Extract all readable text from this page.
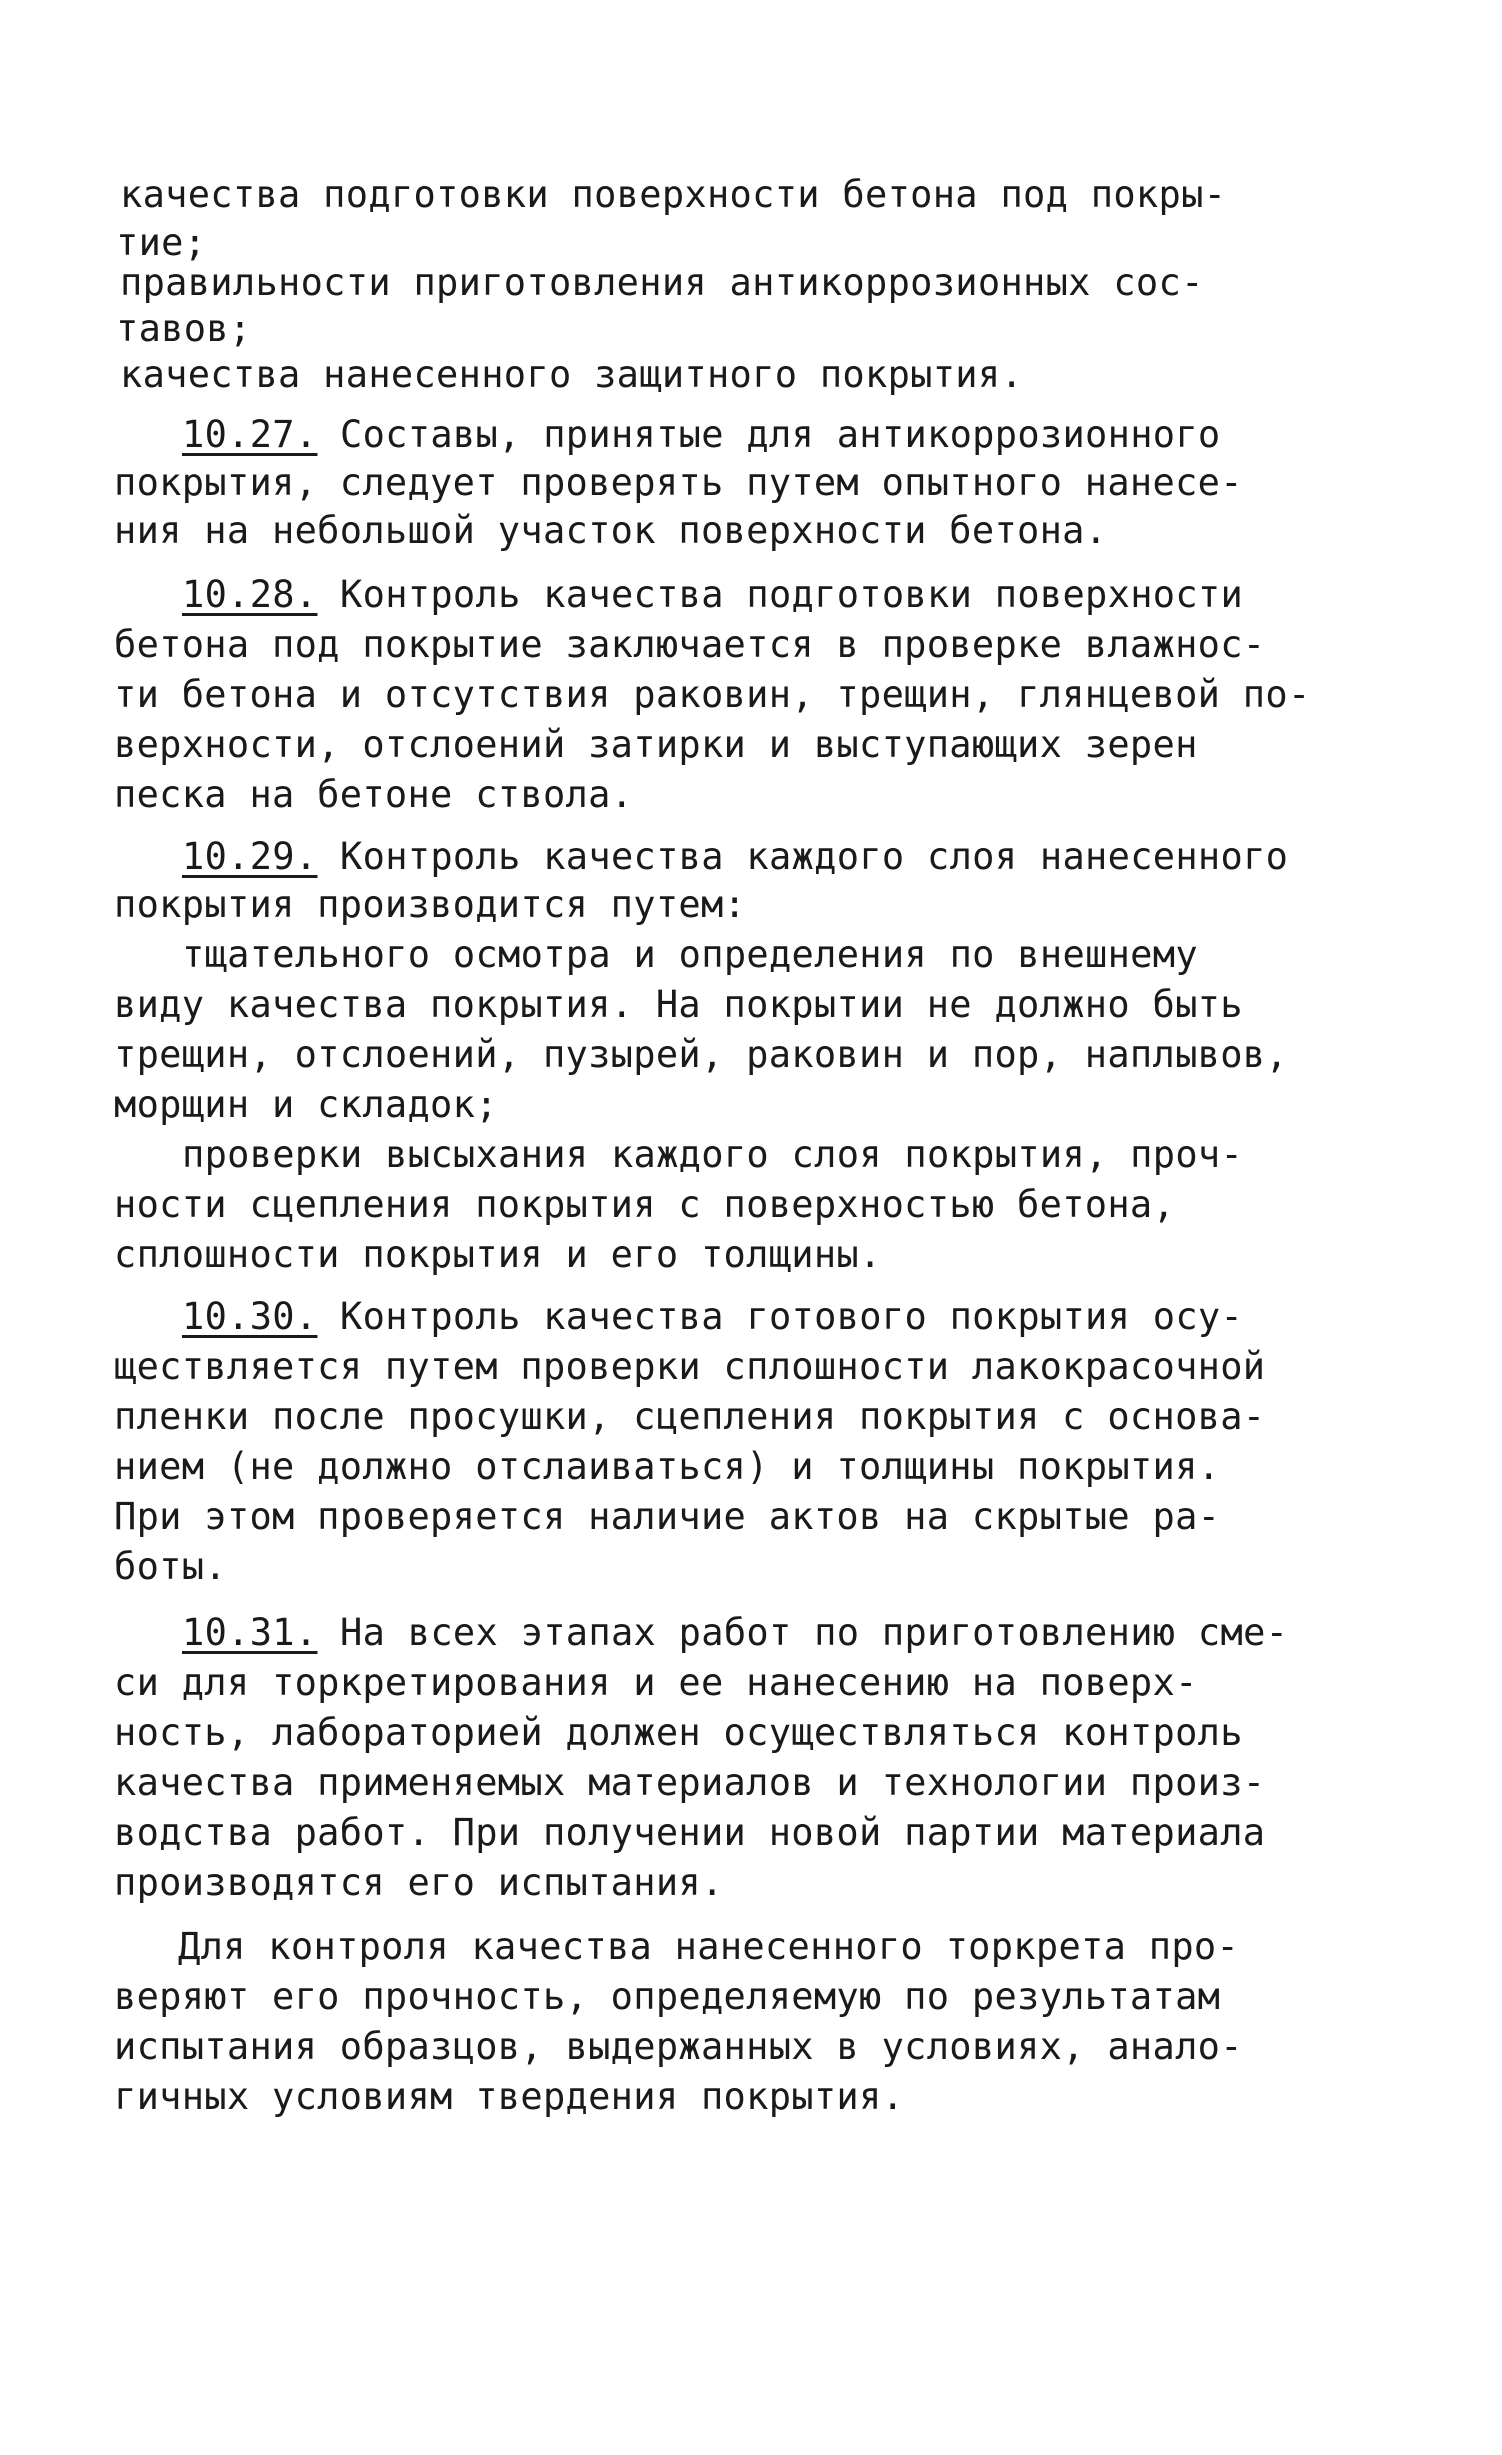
качества подготовки поверхности бетона под покры-
тие;
правильности приготовления антикоррозионных сос-
тавов;
качества нанесенного защитного покрытия.
10.27. Составы, принятые для антикоррозионного
покрытия, следует проверять путем опытного нанесе-
ния на небольшой участок поверхности бетона.
10.28. Контроль качества подготовки поверхности
бетона под покрытие заключается в проверке влажнос-
ти бетона и отсутствия раковин, трещин, глянцевой по-
верхности, отслоений затирки и выступающих зерен
песка на бетоне ствола.
10.29. Контроль качества каждого слоя нанесенного
покрытия производится путем:
тщательного осмотра и определения по внешнему
виду качества покрытия. На покрытии не должно быть
трещин, отслоений, пузырей, раковин и пор, наплывов,
морщин и складок;
проверки высыхания каждого слоя покрытия, проч-
ности сцепления покрытия с поверхностью бетона,
сплошности покрытия и его толщины.
10.30. Контроль качества готового покрытия осу-
ществляется путем проверки сплошности лакокрасочной
пленки после просушки, сцепления покрытия с основа-
нием (не должно отслаиваться) и толщины покрытия.
При этом проверяется наличие актов на скрытые ра-
боты.
10.31. На всех этапах работ по приготовлению сме-
си для торкретирования и ее нанесению на поверх-
ность, лабораторией должен осуществляться контроль
качества применяемых материалов и технологии произ-
водства работ. При получении новой партии материала
производятся его испытания.
Для контроля качества нанесенного торкрета про-
веряют его прочность, определяемую по результатам
испытания образцов, выдержанных в условиях, анало-
гичных условиям твердения покрытия.
